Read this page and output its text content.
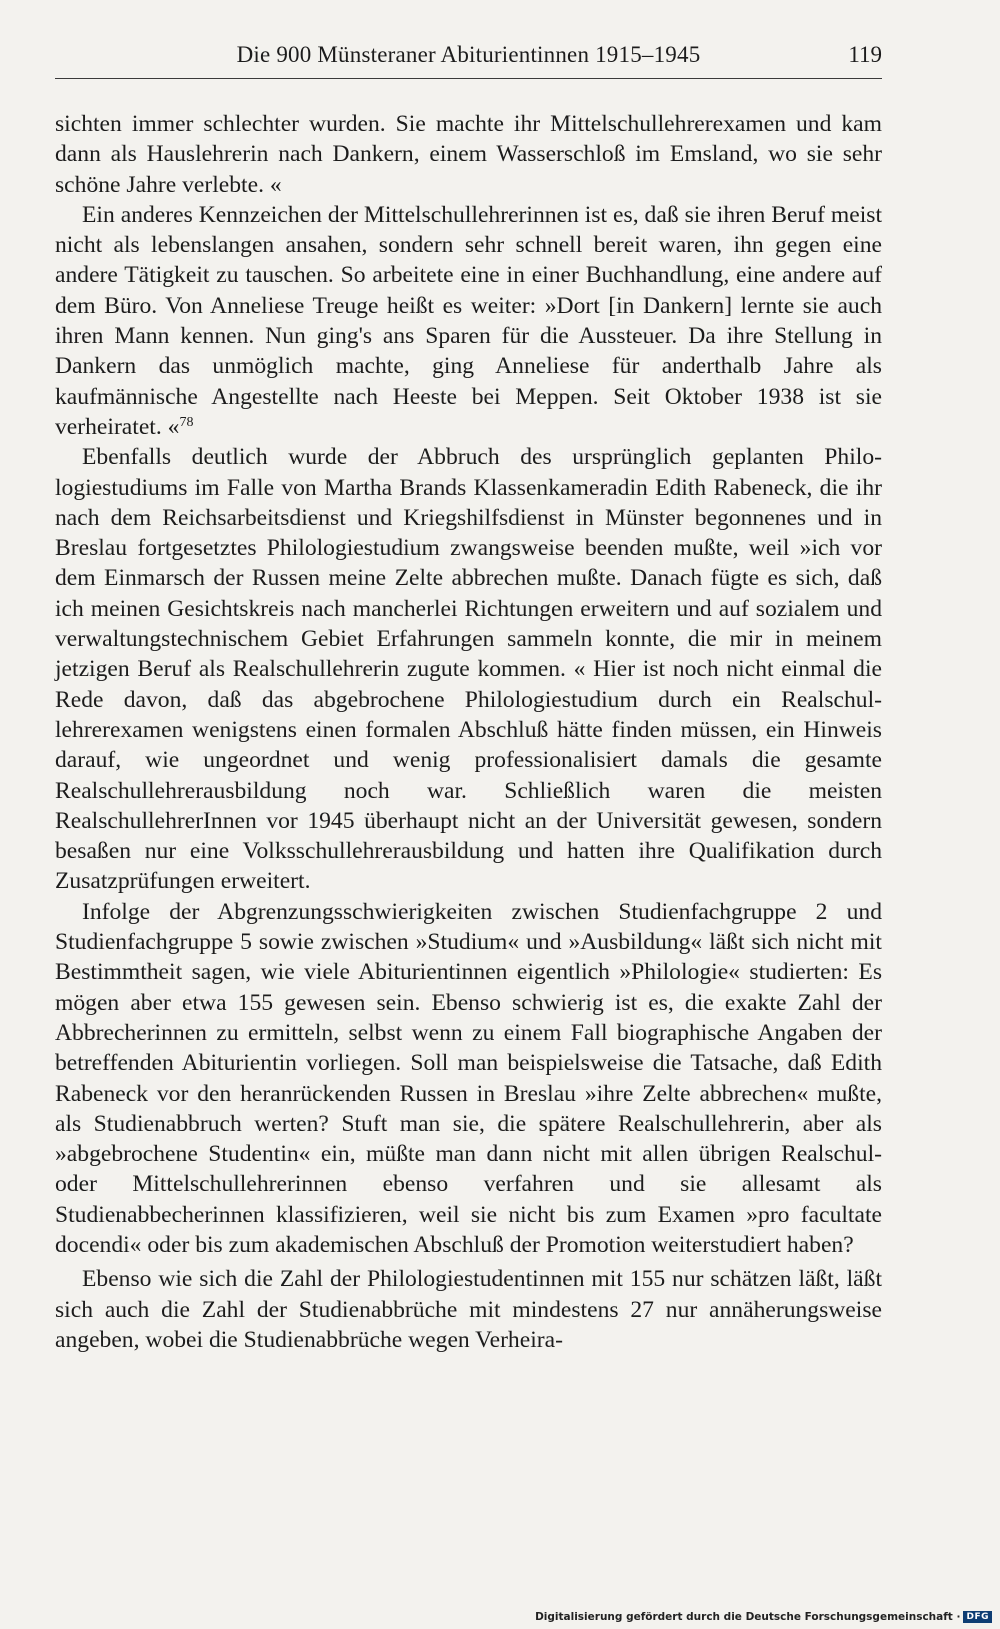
Die 900 Münsteraner Abiturientinnen 1915–1945	119

sichten immer schlechter wurden. Sie machte ihr Mittelschullehrerexamen und kam dann als Hauslehrerin nach Dankern, einem Wasserschloß im Emsland, wo sie sehr schöne Jahre verlebte. «

Ein anderes Kennzeichen der Mittelschullehrerinnen ist es, daß sie ihren Beruf meist nicht als lebenslangen ansahen, sondern sehr schnell bereit waren, ihn gegen eine andere Tätigkeit zu tauschen. So arbeitete eine in einer Buchhandlung, eine andere auf dem Büro. Von Anneliese Treuge heißt es weiter: »Dort [in Dankern] lernte sie auch ihren Mann kennen. Nun ging's ans Sparen für die Aussteuer. Da ihre Stellung in Dankern das unmöglich machte, ging Anneliese für anderthalb Jahre als kaufmännische Angestellte nach Heeste bei Meppen. Seit Oktober 1938 ist sie verheiratet. «$^{78}$

Ebenfalls deutlich wurde der Abbruch des ursprünglich geplanten Philologiestudiums im Falle von Martha Brands Klassenkameradin Edith Rabeneck, die ihr nach dem Reichsarbeitsdienst und Kriegshilfsdienst in Münster begonnenes und in Breslau fortgesetztes Philologiestudium zwangsweise beenden mußte, weil »ich vor dem Einmarsch der Russen meine Zelte abbrechen mußte. Danach fügte es sich, daß ich meinen Gesichtskreis nach mancherlei Richtungen erweitern und auf sozialem und verwaltungstechnischem Gebiet Erfahrungen sammeln konnte, die mir in meinem jetzigen Beruf als Realschullehrerin zugute kommen. « Hier ist noch nicht einmal die Rede davon, daß das abgebrochene Philologiestudium durch ein Realschullehrerexamen wenigstens einen formalen Abschluß hätte finden müssen, ein Hinweis darauf, wie ungeordnet und wenig professionalisiert damals die gesamte Realschullehrerausbildung noch war. Schließlich waren die meisten RealschullehrerInnen vor 1945 überhaupt nicht an der Universität gewesen, sondern besaßen nur eine Volksschullehrerausbildung und hatten ihre Qualifikation durch Zusatzprüfungen erweitert.

Infolge der Abgrenzungsschwierigkeiten zwischen Studienfachgruppe 2 und Studienfachgruppe 5 sowie zwischen »Studium« und »Ausbildung« läßt sich nicht mit Bestimmtheit sagen, wie viele Abiturientinnen eigentlich »Philologie« studierten: Es mögen aber etwa 155 gewesen sein. Ebenso schwierig ist es, die exakte Zahl der Abbrecherinnen zu ermitteln, selbst wenn zu einem Fall biographische Angaben der betreffenden Abiturientin vorliegen. Soll man beispielsweise die Tatsache, daß Edith Rabeneck vor den heranrückenden Russen in Breslau »ihre Zelte abbrechen« mußte, als Studienabbruch werten? Stuft man sie, die spätere Realschullehrerin, aber als »abgebrochene Studentin« ein, müßte man dann nicht mit allen übrigen Realschul- oder Mittelschullehrerinnen ebenso verfahren und sie allesamt als Studienabbecherinnen klassifizieren, weil sie nicht bis zum Examen »pro facultate docendi« oder bis zum akademischen Abschluß der Promotion weiterstudiert haben?

Ebenso wie sich die Zahl der Philologiestudentinnen mit 155 nur schätzen läßt, läßt sich auch die Zahl der Studienabbrüche mit mindestens 27 nur annäherungsweise angeben, wobei die Studienabbrüche wegen Verheira-

Digitalisierung gefördert durch die Deutsche Forschungsgemeinschaft · DFG
